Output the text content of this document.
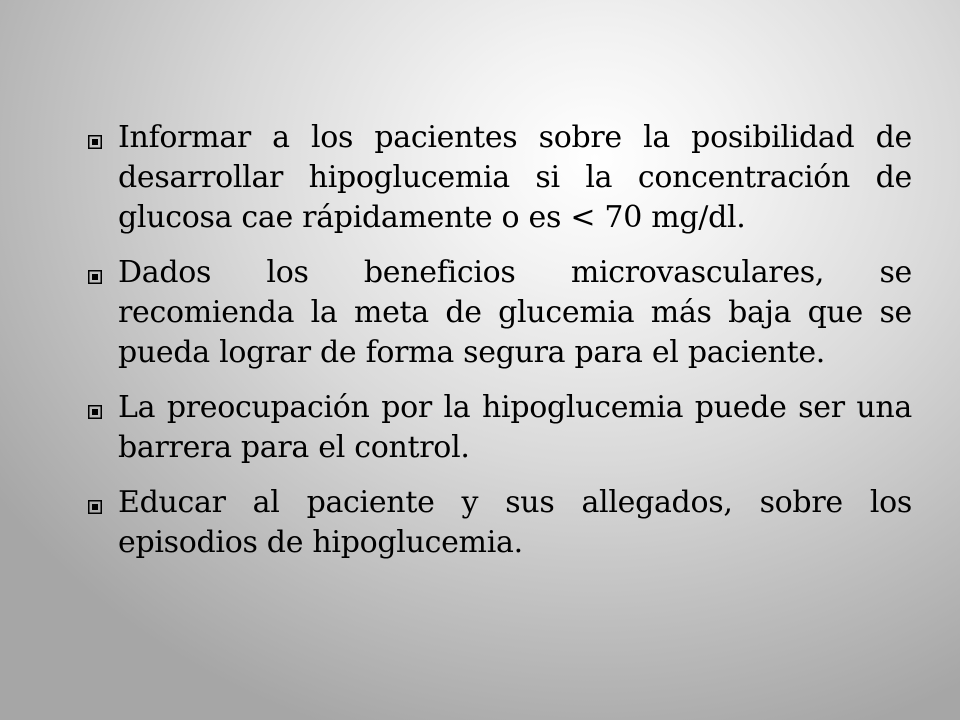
Informar a los pacientes sobre la posibilidad de desarrollar hipoglucemia si la concentración de glucosa cae rápidamente o es < 70 mg/dl.
Dados los beneficios microvasculares, se recomienda la meta de glucemia más baja que se pueda lograr de forma segura para el paciente.
La preocupación por la hipoglucemia puede ser una barrera para el control.
Educar al paciente y sus allegados, sobre los episodios de hipoglucemia.
